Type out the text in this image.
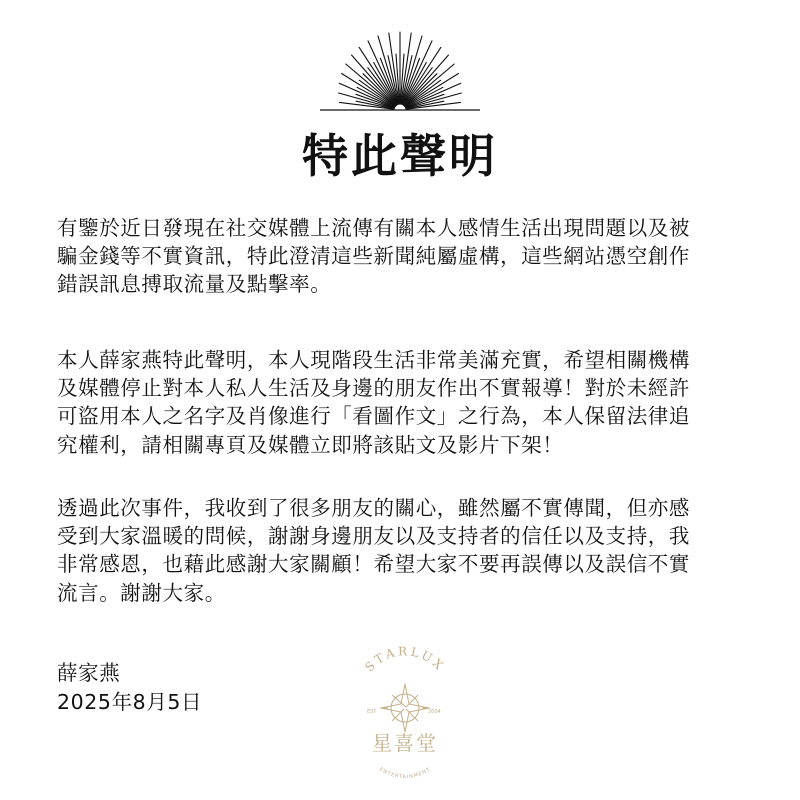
特此聲明
有鑒於近日發現在社交媒體上流傳有關本人感情生活出現問題以及被
騙金錢等不實資訊，特此澄清這些新聞純屬虛構，這些網站憑空創作
錯誤訊息搏取流量及點擊率。
本人薛家燕特此聲明，本人現階段生活非常美滿充實，希望相關機構
及媒體停止對本人私人生活及身邊的朋友作出不實報導！對於未經許
可盜用本人之名字及肖像進行「看圖作文」之行為，本人保留法律追
究權利，請相關專頁及媒體立即將該貼文及影片下架！
透過此次事件，我收到了很多朋友的關心，雖然屬不實傳聞，但亦感
受到大家溫暖的問候，謝謝身邊朋友以及支持者的信任以及支持，我
非常感恩，也藉此感謝大家關顧！希望大家不要再誤傳以及誤信不實
流言。謝謝大家。
薛家燕
2025年8月5日
STARLUX
EST	2004
星喜堂
ENTERTAINMENT
